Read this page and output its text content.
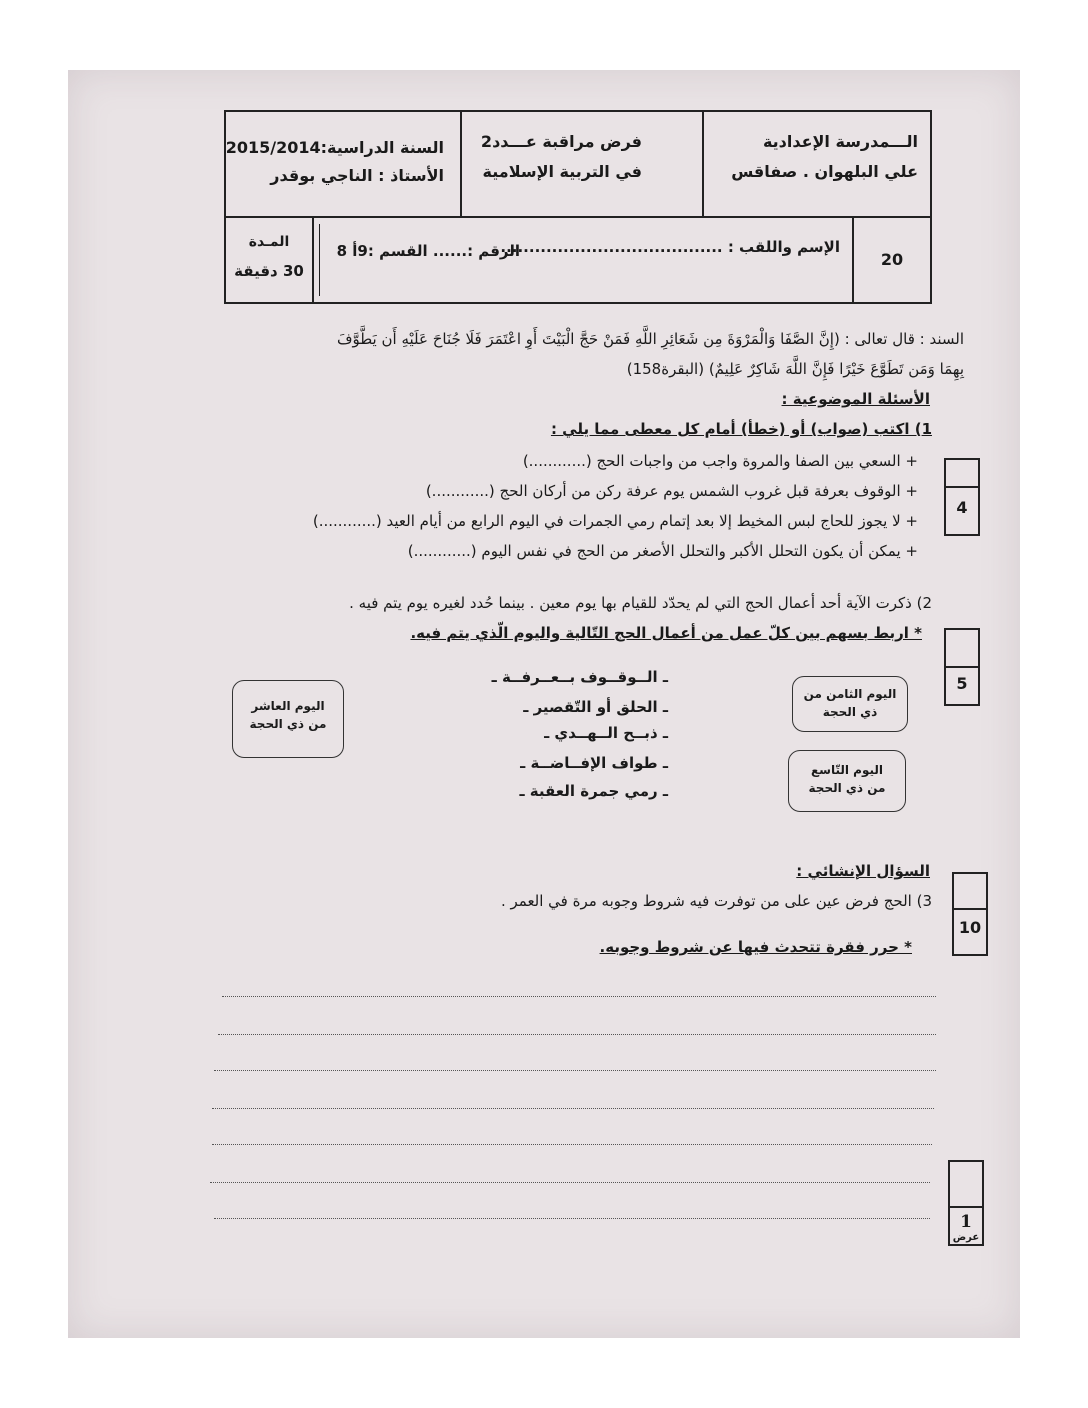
الـــمدرسة الإعدادية
علي البلهوان . صفاقس
فرض مراقبة عـــدد2
في التربية الإسلامية
السنة الدراسية:2015/2014
الأستاذ : الناجي بوقدر
20
الإسم واللقب : .......................................
الرقم :...... القسم :9أ 8
المـدة
30 دقيقة
السند : قال تعالى : (إِنَّ الصَّفَا وَالْمَرْوَةَ مِن شَعَائِرِ اللَّهِ فَمَنْ حَجَّ الْبَيْتَ أَوِ اعْتَمَرَ فَلَا جُنَاحَ عَلَيْهِ أَن يَطَّوَّفَ
بِهِمَا وَمَن تَطَوَّعَ خَيْرًا فَإِنَّ اللَّهَ شَاكِرٌ عَلِيمٌ) (البقرة158)
الأسئلة الموضوعية :
1) اكتب (صواب) أو (خطأ) أمام كل معطى مما يلي :
+ السعي بين الصفا والمروة واجب من واجبات الحج (............)
+ الوقوف بعرفة قبل غروب الشمس يوم عرفة ركن من أركان الحج (............)
+ لا يجوز للحاج لبس المخيط إلا بعد إتمام رمي الجمرات في اليوم الرابع من أيام العيد (............)
+ يمكن أن يكون التحلل الأكبر والتحلل الأصغر من الحج في نفس اليوم (............)
4
2) ذكرت الآية أحد أعمال الحج التي لم يحدّد للقيام بها يوم معين . بينما حُدد لغيره يوم يتم فيه .
* اربط بسهم بين كلّ عمل من أعمال الحج التّالية واليوم الّذي يتم فيه.
5
ـ الــوقــوف بــعــرفــة ـ
ـ الحلق أو التّقصير ـ
ـ ذبــح الــهــدي ـ
ـ طواف الإفــاضــة ـ
ـ رمي جمرة العقبة ـ
اليوم الثامن من
ذي الحجة
اليوم التّاسع
من ذي الحجة
اليوم العاشر
من ذي الحجة
السؤال الإنشائي :
3) الحج فرض عين على من توفرت فيه شروط وجوبه مرة في العمر .
* حرر فقرة تتحدث فيها عن شروط وجوبه.
10
1
عرض
